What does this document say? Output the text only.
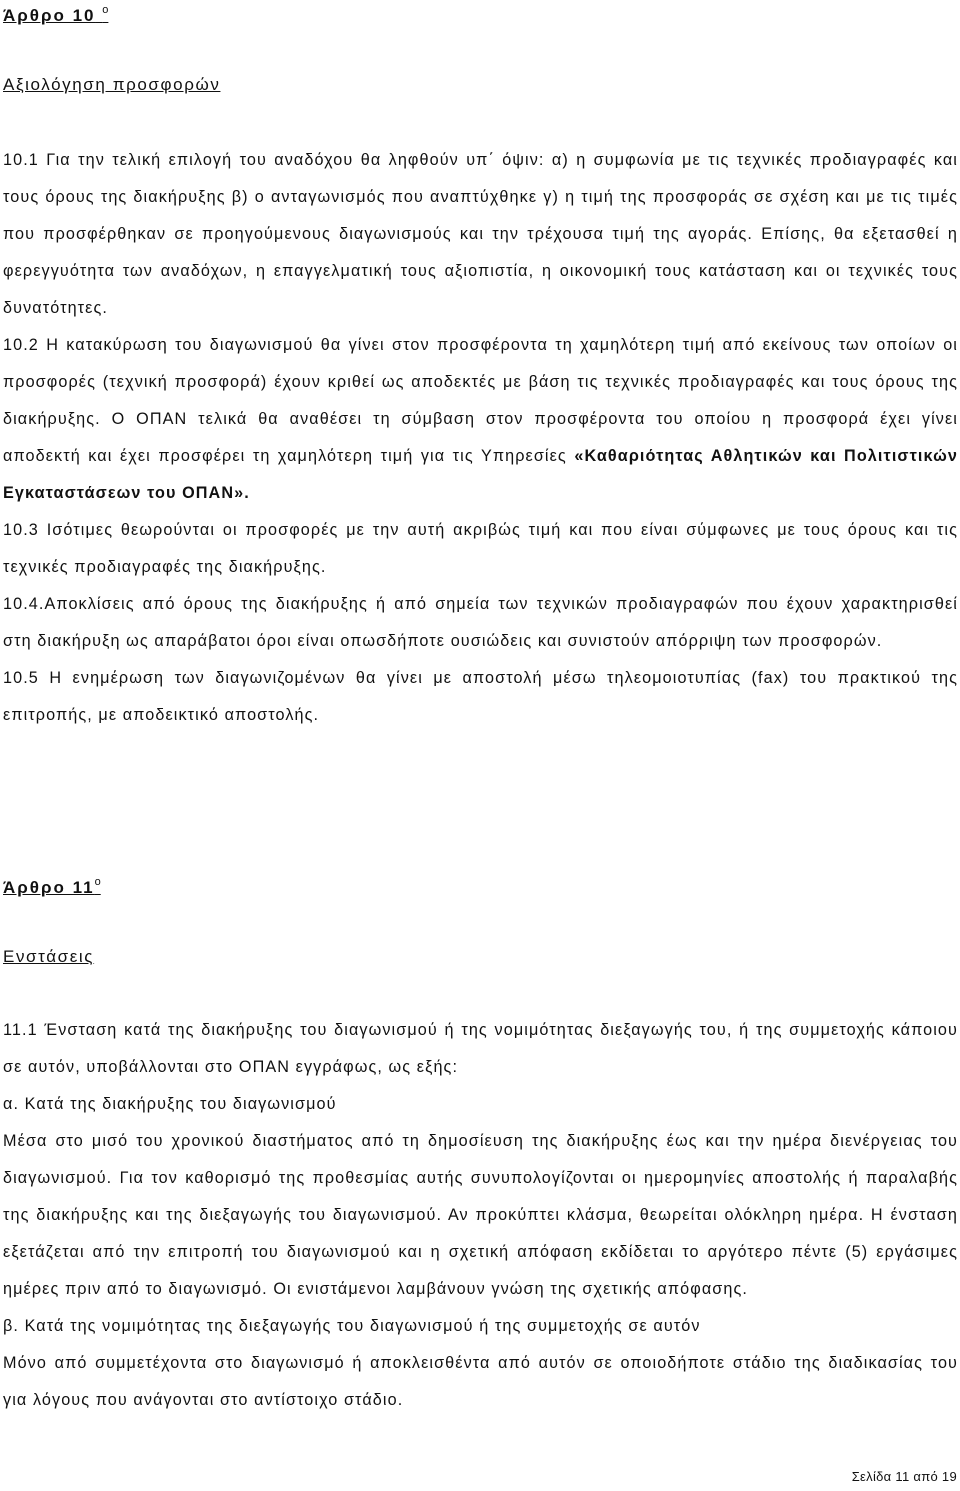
Άρθρο 10 $^o$
Αξιολόγηση προσφορών

10.1 Για την τελική επιλογή του αναδόχου θα ληφθούν υπ΄ όψιν: α) η συμφωνία με τις τεχνικές προδιαγραφές και τους όρους της διακήρυξης β) ο ανταγωνισμός που αναπτύχθηκε γ) η τιμή της προσφοράς σε σχέση και με τις τιμές που προσφέρθηκαν σε προηγούμενους διαγωνισμούς και την τρέχουσα τιμή της αγοράς. Επίσης, θα εξετασθεί η φερεγγυότητα των αναδόχων, η επαγγελματική τους αξιοπιστία, η οικονομική τους κατάσταση και οι τεχνικές τους δυνατότητες.

10.2 Η κατακύρωση του διαγωνισμού θα γίνει στον προσφέροντα τη χαμηλότερη τιμή από εκείνους των οποίων οι προσφορές (τεχνική προσφορά) έχουν κριθεί ως αποδεκτές με βάση τις τεχνικές προδιαγραφές και τους όρους της διακήρυξης. Ο ΟΠΑΝ τελικά θα αναθέσει τη σύμβαση στον προσφέροντα του οποίου η προσφορά έχει γίνει αποδεκτή και έχει προσφέρει τη χαμηλότερη τιμή για τις Υπηρεσίες «Καθαριότητας Αθλητικών και Πολιτιστικών Εγκαταστάσεων του ΟΠΑΝ».

10.3 Ισότιμες θεωρούνται οι προσφορές με την αυτή ακριβώς τιμή και που είναι σύμφωνες με τους όρους και τις τεχνικές προδιαγραφές της διακήρυξης.

10.4.Αποκλίσεις από όρους της διακήρυξης ή από σημεία των τεχνικών προδιαγραφών που έχουν χαρακτηρισθεί στη διακήρυξη ως απαράβατοι όροι είναι οπωσδήποτε ουσιώδεις και συνιστούν απόρριψη των προσφορών.

10.5 Η ενημέρωση των διαγωνιζομένων θα γίνει με αποστολή μέσω τηλεομοιοτυπίας (fax) του πρακτικού της επιτροπής, με αποδεικτικό αποστολής.

Άρθρο $11^o$
Ενστάσεις

11.1 Ένσταση κατά της διακήρυξης του διαγωνισμού ή της νομιμότητας διεξαγωγής του, ή της συμμετοχής κάποιου σε αυτόν, υποβάλλονται στο ΟΠΑΝ εγγράφως, ως εξής:

α. Κατά της διακήρυξης του διαγωνισμού

Μέσα στο μισό του χρονικού διαστήματος από τη δημοσίευση της διακήρυξης έως και την ημέρα διενέργειας του διαγωνισμού. Για τον καθορισμό της προθεσμίας αυτής συνυπολογίζονται οι ημερομηνίες αποστολής ή παραλαβής της διακήρυξης και της διεξαγωγής του διαγωνισμού. Αν προκύπτει κλάσμα, θεωρείται ολόκληρη ημέρα. Η ένσταση εξετάζεται από την επιτροπή του διαγωνισμού και η σχετική απόφαση εκδίδεται το αργότερο πέντε (5) εργάσιμες ημέρες πριν από το διαγωνισμό. Οι ενιστάμενοι λαμβάνουν γνώση της σχετικής απόφασης.

β. Κατά της νομιμότητας της διεξαγωγής του διαγωνισμού ή της συμμετοχής σε αυτόν

Μόνο από συμμετέχοντα στο διαγωνισμό ή αποκλεισθέντα από αυτόν σε οποιοδήποτε στάδιο της διαδικασίας του για λόγους που ανάγονται στο αντίστοιχο στάδιο.

Σελίδα 11 από 19
